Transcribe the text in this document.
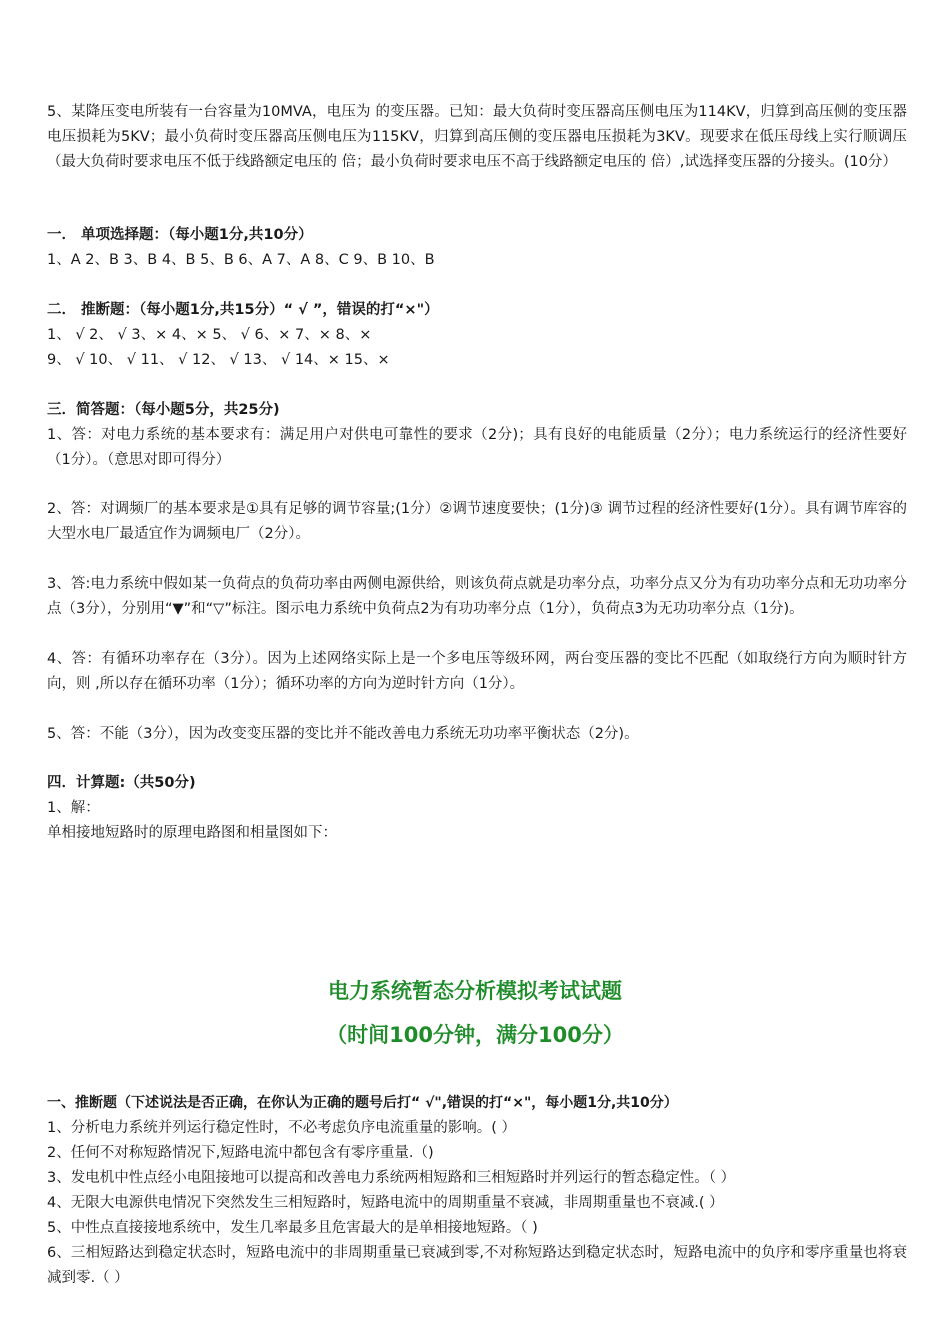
5、某降压变电所装有一台容量为10MVA，电压为 的变压器。已知：最大负荷时变压器高压侧电压为114KV，归算到高压侧的变压器电压损耗为5KV；最小负荷时变压器高压侧电压为115KV，归算到高压侧的变压器电压损耗为3KV。现要求在低压母线上实行顺调压（最大负荷时要求电压不低于线路额定电压的 倍；最小负荷时要求电压不高于线路额定电压的 倍）,试选择变压器的分接头。(10分）

一． 单项选择题：（每小题1分,共10分）

1、A 2、B 3、B 4、B 5、B 6、A 7、A 8、C 9、B 10、B

二． 推断题：（每小题1分,共15分）“ √ ”，错误的打“×"）

1、 √ 2、 √ 3、× 4、× 5、 √ 6、× 7、× 8、×

9、 √ 10、 √ 11、 √ 12、 √ 13、 √ 14、× 15、×

三．简答题：（每小题5分，共25分)

1、答：对电力系统的基本要求有：满足用户对供电可靠性的要求（2分)；具有良好的电能质量（2分）；电力系统运行的经济性要好（1分）。（意思对即可得分）

2、答：对调频厂的基本要求是①具有足够的调节容量;(1分）②调节速度要快；(1分)③ 调节过程的经济性要好(1分）。具有调节库容的大型水电厂最适宜作为调频电厂（2分）。

3、答:电力系统中假如某一负荷点的负荷功率由两侧电源供给，则该负荷点就是功率分点，功率分点又分为有功功率分点和无功功率分点（3分），分别用“▼”和“▽”标注。图示电力系统中负荷点2为有功功率分点（1分），负荷点3为无功功率分点（1分)。

4、答：有循环功率存在（3分）。因为上述网络实际上是一个多电压等级环网，两台变压器的变比不匹配（如取绕行方向为顺时针方向，则 ,所以存在循环功率（1分）；循环功率的方向为逆时针方向（1分）。

5、答：不能（3分），因为改变变压器的变比并不能改善电力系统无功功率平衡状态（2分)。

四．计算题:（共50分)

1、解：

单相接地短路时的原理电路图和相量图如下：

电力系统暂态分析模拟考试试题
（时间100分钟，满分100分）

一、推断题（下述说法是否正确，在你认为正确的题号后打“ √",错误的打“×"，每小题1分,共10分）

1、分析电力系统并列运行稳定性时，不必考虑负序电流重量的影响。( ）

2、任何不对称短路情况下,短路电流中都包含有零序重量.（)

3、发电机中性点经小电阻接地可以提高和改善电力系统两相短路和三相短路时并列运行的暂态稳定性。（ ）

4、无限大电源供电情况下突然发生三相短路时，短路电流中的周期重量不衰减，非周期重量也不衰减.( ）

5、中性点直接接地系统中，发生几率最多且危害最大的是单相接地短路。（ )

6、三相短路达到稳定状态时，短路电流中的非周期重量已衰减到零,不对称短路达到稳定状态时，短路电流中的负序和零序重量也将衰减到零.（ ）
